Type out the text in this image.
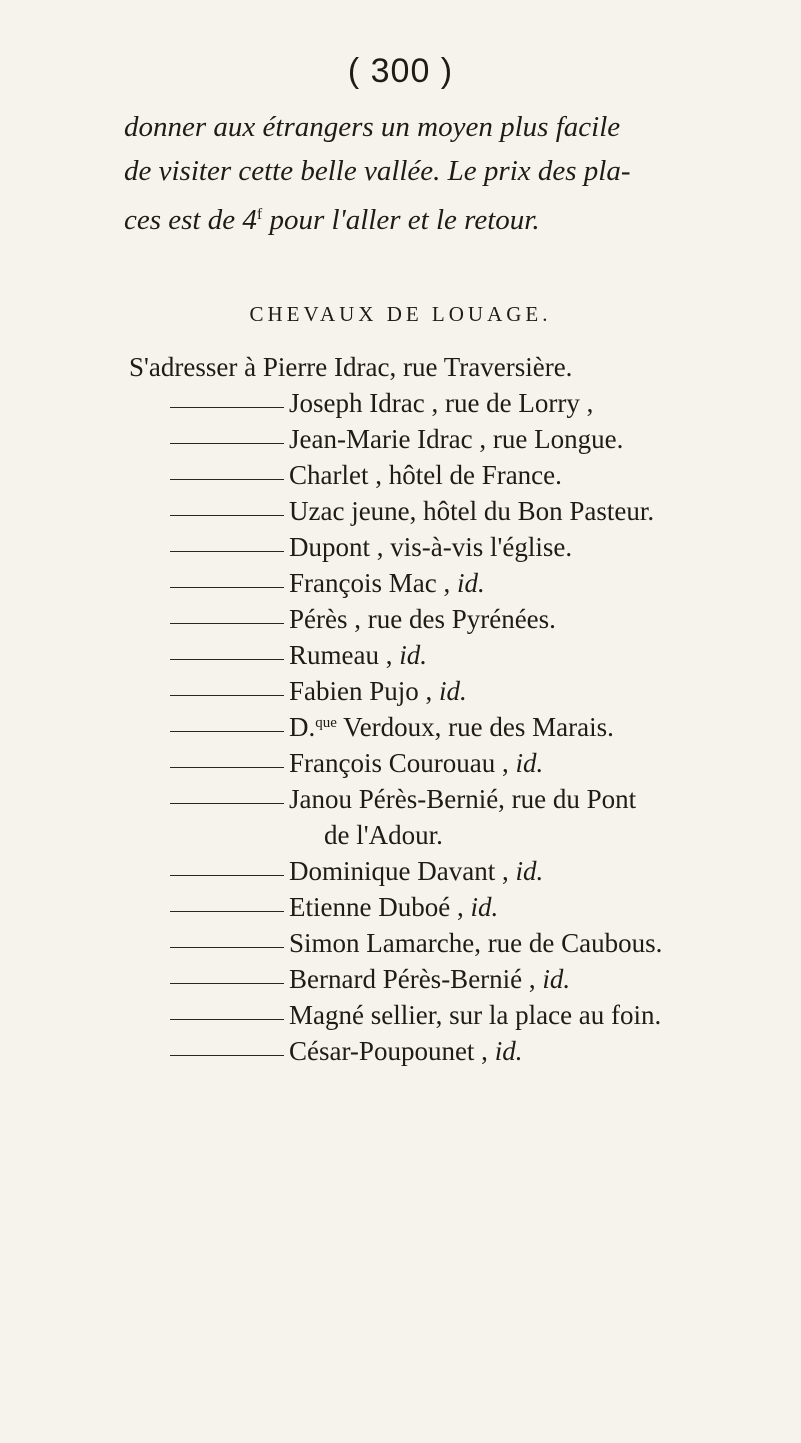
( 300 )

donner aux étrangers un moyen plus facile

de visiter cette belle vallée. Le prix des pla-

ces est de 4$^f$ pour l'aller et le retour.

CHEVAUX DE LOUAGE.
S'adresser à Pierre Idrac, rue Traversière.
Joseph Idrac , rue de Lorry ,
Jean-Marie Idrac , rue Longue.
Charlet , hôtel de France.
Uzac jeune, hôtel du Bon Pasteur.
Dupont , vis-à-vis l'église.
François Mac , id.
Pérès , rue des Pyrénées.
Rumeau , id.
Fabien Pujo , id.
D.$^{que}$ Verdoux, rue des Marais.
François Courouau , id.
Janou Pérès-Bernié, rue du Pont
de l'Adour.
Dominique Davant , id.
Etienne Duboé , id.
Simon Lamarche, rue de Caubous.
Bernard Pérès-Bernié , id.
Magné sellier, sur la place au foin.
César-Poupounet , id.
